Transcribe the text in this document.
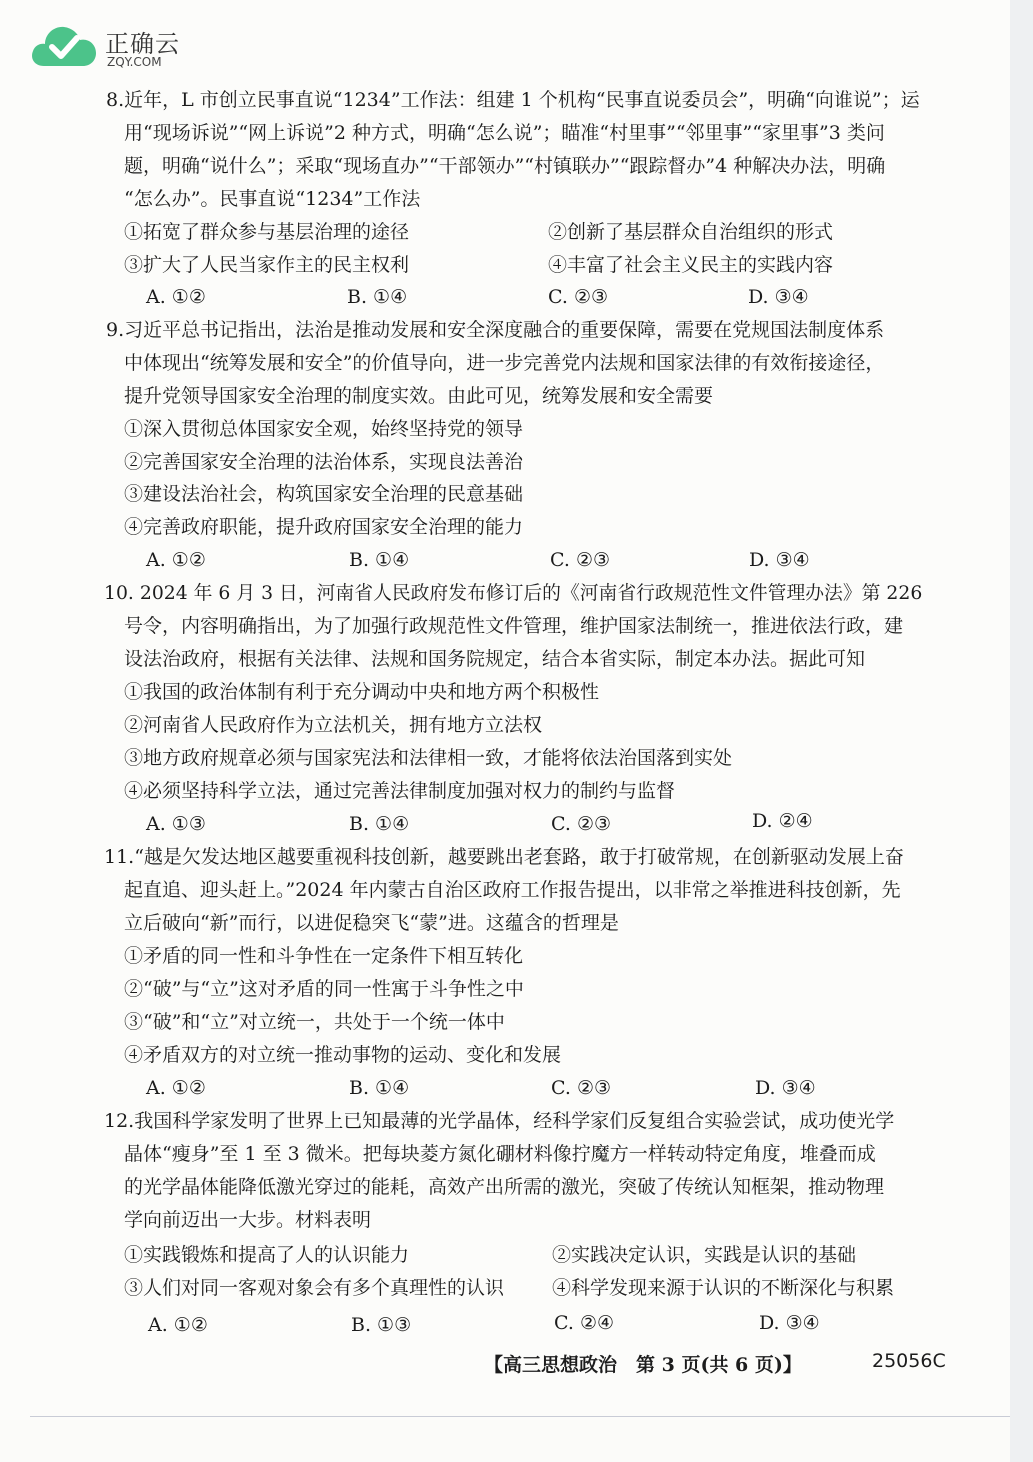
正确云
ZQY.COM
8.近年，L 市创立民事直说“1234”工作法：组建 1 个机构“民事直说委员会”，明确“向谁说”；运
用“现场诉说”“网上诉说”2 种方式，明确“怎么说”；瞄准“村里事”“邻里事”“家里事”3 类问
题，明确“说什么”；采取“现场直办”“干部领办”“村镇联办”“跟踪督办”4 种解决办法，明确
“怎么办”。民事直说“1234”工作法
①拓宽了群众参与基层治理的途径	②创新了基层群众自治组织的形式
③扩大了人民当家作主的民主权利	④丰富了社会主义民主的实践内容
A. ①②	B. ①④	C. ②③	D. ③④
9.习近平总书记指出，法治是推动发展和安全深度融合的重要保障，需要在党规国法制度体系
中体现出“统筹发展和安全”的价值导向，进一步完善党内法规和国家法律的有效衔接途径，
提升党领导国家安全治理的制度实效。由此可见，统筹发展和安全需要
①深入贯彻总体国家安全观，始终坚持党的领导
②完善国家安全治理的法治体系，实现良法善治
③建设法治社会，构筑国家安全治理的民意基础
④完善政府职能，提升政府国家安全治理的能力
A. ①②	B. ①④	C. ②③	D. ③④
10. 2024 年 6 月 3 日，河南省人民政府发布修订后的《河南省行政规范性文件管理办法》第 226
号令，内容明确指出，为了加强行政规范性文件管理，维护国家法制统一，推进依法行政，建
设法治政府，根据有关法律、法规和国务院规定，结合本省实际，制定本办法。据此可知
①我国的政治体制有利于充分调动中央和地方两个积极性
②河南省人民政府作为立法机关，拥有地方立法权
③地方政府规章必须与国家宪法和法律相一致，才能将依法治国落到实处
④必须坚持科学立法，通过完善法律制度加强对权力的制约与监督
A. ①③	B. ①④	C. ②③	D. ②④
11.“越是欠发达地区越要重视科技创新，越要跳出老套路，敢于打破常规，在创新驱动发展上奋
起直追、迎头赶上。”2024 年内蒙古自治区政府工作报告提出，以非常之举推进科技创新，先
立后破向“新”而行，以进促稳突飞“蒙”进。这蕴含的哲理是
①矛盾的同一性和斗争性在一定条件下相互转化
②“破”与“立”这对矛盾的同一性寓于斗争性之中
③“破”和“立”对立统一，共处于一个统一体中
④矛盾双方的对立统一推动事物的运动、变化和发展
A. ①②	B. ①④	C. ②③	D. ③④
12.我国科学家发明了世界上已知最薄的光学晶体，经科学家们反复组合实验尝试，成功使光学
晶体“瘦身”至 1 至 3 微米。把每块菱方氮化硼材料像拧魔方一样转动特定角度，堆叠而成
的光学晶体能降低激光穿过的能耗，高效产出所需的激光，突破了传统认知框架，推动物理
学向前迈出一大步。材料表明
①实践锻炼和提高了人的认识能力	②实践决定认识，实践是认识的基础
③人们对同一客观对象会有多个真理性的认识	④科学发现来源于认识的不断深化与积累
A. ①②	B. ①③	C. ②④	D. ③④
【高三思想政治　第 3 页(共 6 页)】	25056C
